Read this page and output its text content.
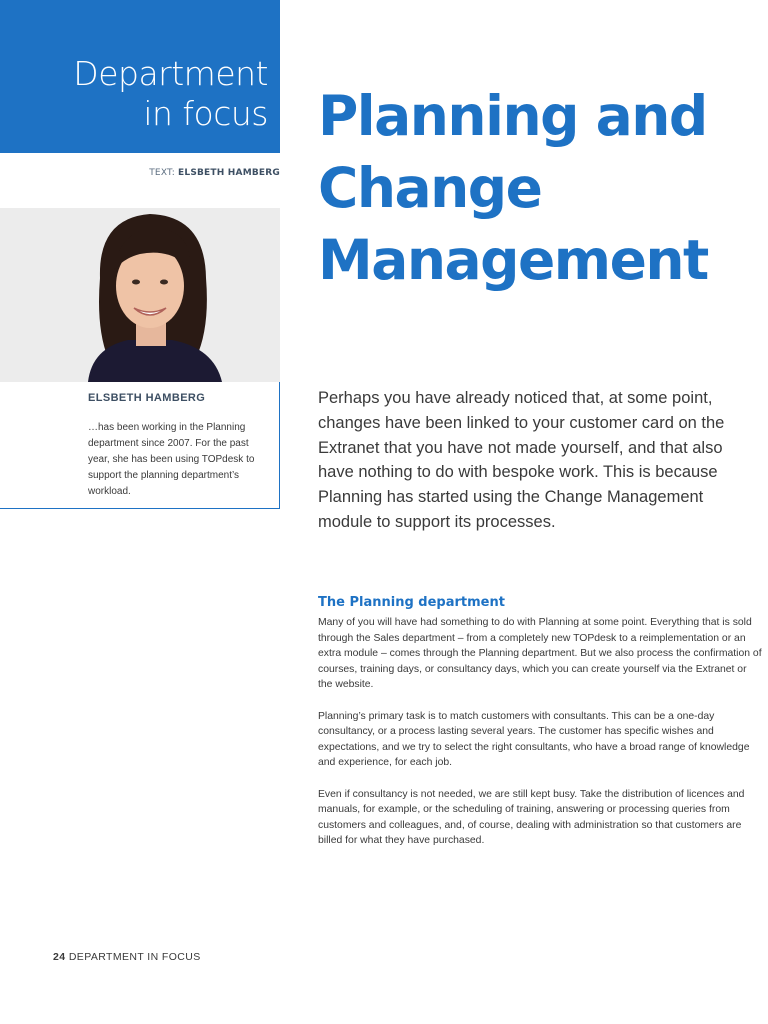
Department
in focus
TEXT: ELSBETH HAMBERG
ELSBETH HAMBERG
…has been working in the Planning department since 2007. For the past year, she has been using TOPdesk to support the planning department’s workload.
Planning and
Change
Management
Perhaps you have already noticed that, at some point, changes have been linked to your customer card on the Extranet that you have not made yourself, and that also have nothing to do with bespoke work. This is because Planning has started using the Change Management module to support its processes.
The Planning department

Many of you will have had something to do with Planning at some point. Everything that is sold through the Sales department – from a completely new TOPdesk to a reimplementation or an extra module – comes through the Planning department. But we also process the confirmation of courses, training days, or consultancy days, which you can create yourself via the Extranet or the website.

Planning’s primary task is to match customers with consultants. This can be a one-day consultancy, or a process lasting several years. The customer has specific wishes and expectations, and we try to select the right consultants, who have a broad range of knowledge and experience, for each job.

Even if consultancy is not needed, we are still kept busy. Take the distribution of licences and manuals, for example, or the scheduling of training, answering or processing queries from customers and colleagues, and, of course, dealing with administration so that customers are billed for what they have purchased.

24 DEPARTMENT IN FOCUS
